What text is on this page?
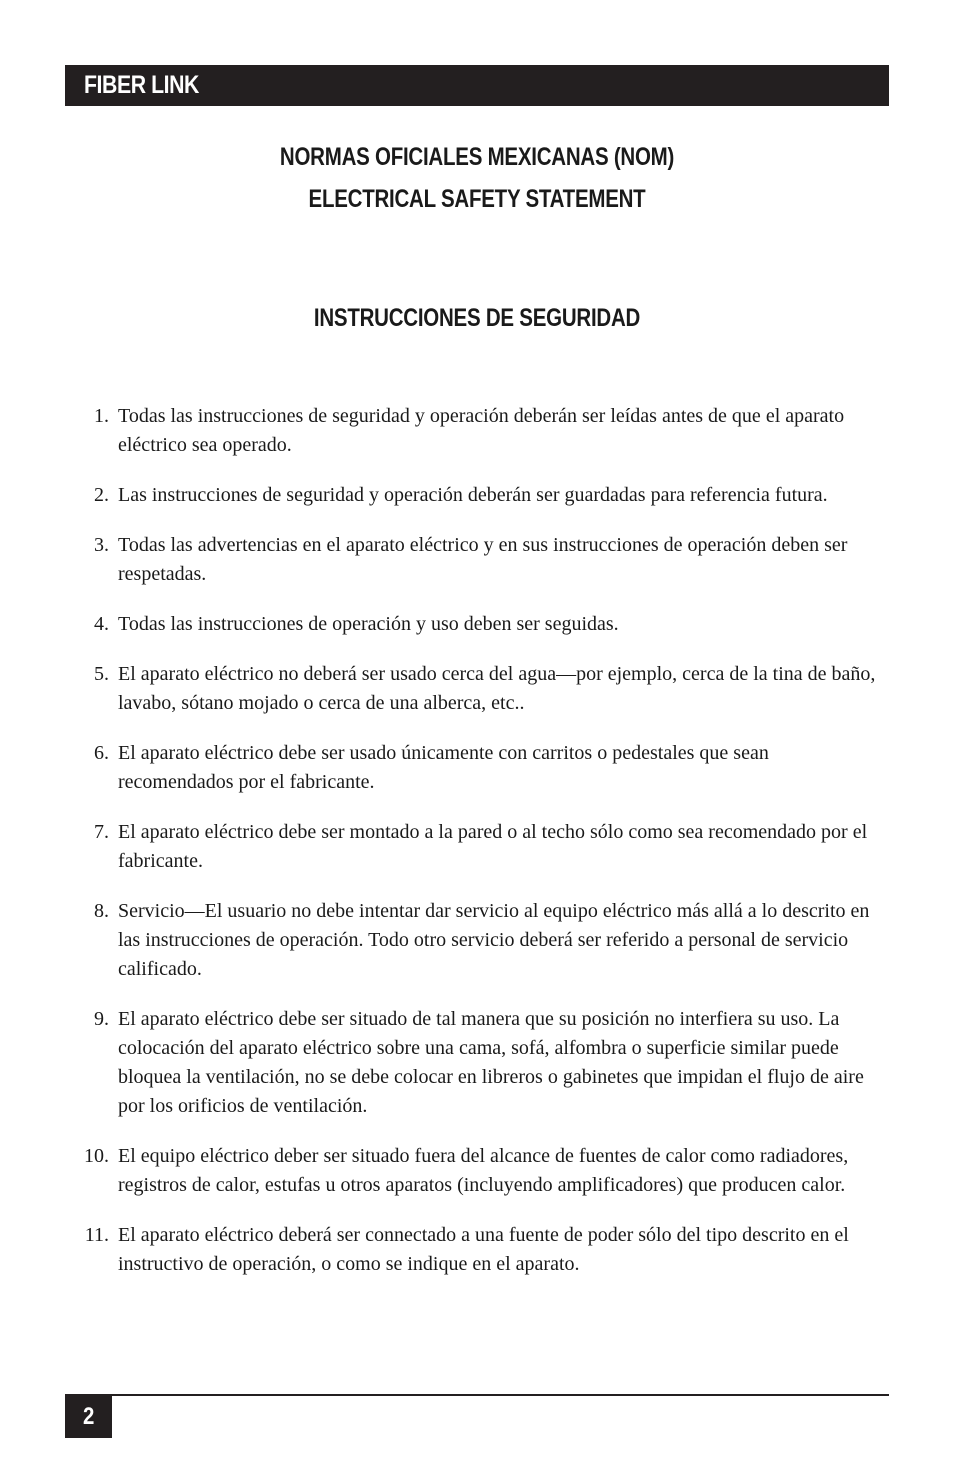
FIBER LINK
NORMAS OFICIALES MEXICANAS (NOM)
ELECTRICAL SAFETY STATEMENT
INSTRUCCIONES DE SEGURIDAD
1. Todas las instrucciones de seguridad y operación deberán ser leídas antes de que el aparato eléctrico sea operado.
2. Las instrucciones de seguridad y operación deberán ser guardadas para referencia futura.
3. Todas las advertencias en el aparato eléctrico y en sus instrucciones de operación deben ser respetadas.
4. Todas las instrucciones de operación y uso deben ser seguidas.
5. El aparato eléctrico no deberá ser usado cerca del agua—por ejemplo, cerca de la tina de baño, lavabo, sótano mojado o cerca de una alberca, etc..
6. El aparato eléctrico debe ser usado únicamente con carritos o pedestales que sean recomendados por el fabricante.
7. El aparato eléctrico debe ser montado a la pared o al techo sólo como sea recomendado por el fabricante.
8. Servicio—El usuario no debe intentar dar servicio al equipo eléctrico más allá a lo descrito en las instrucciones de operación. Todo otro servicio deberá ser referido a personal de servicio calificado.
9. El aparato eléctrico debe ser situado de tal manera que su posición no interfiera su uso. La colocación del aparato eléctrico sobre una cama, sofá, alfombra o superficie similar puede bloquea la ventilación, no se debe colocar en libreros o gabinetes que impidan el flujo de aire por los orificios de ventilación.
10. El equipo eléctrico deber ser situado fuera del alcance de fuentes de calor como radiadores, registros de calor, estufas u otros aparatos (incluyendo amplificadores) que producen calor.
11. El aparato eléctrico deberá ser connectado a una fuente de poder sólo del tipo descrito en el instructivo de operación, o como se indique en el aparato.
2
